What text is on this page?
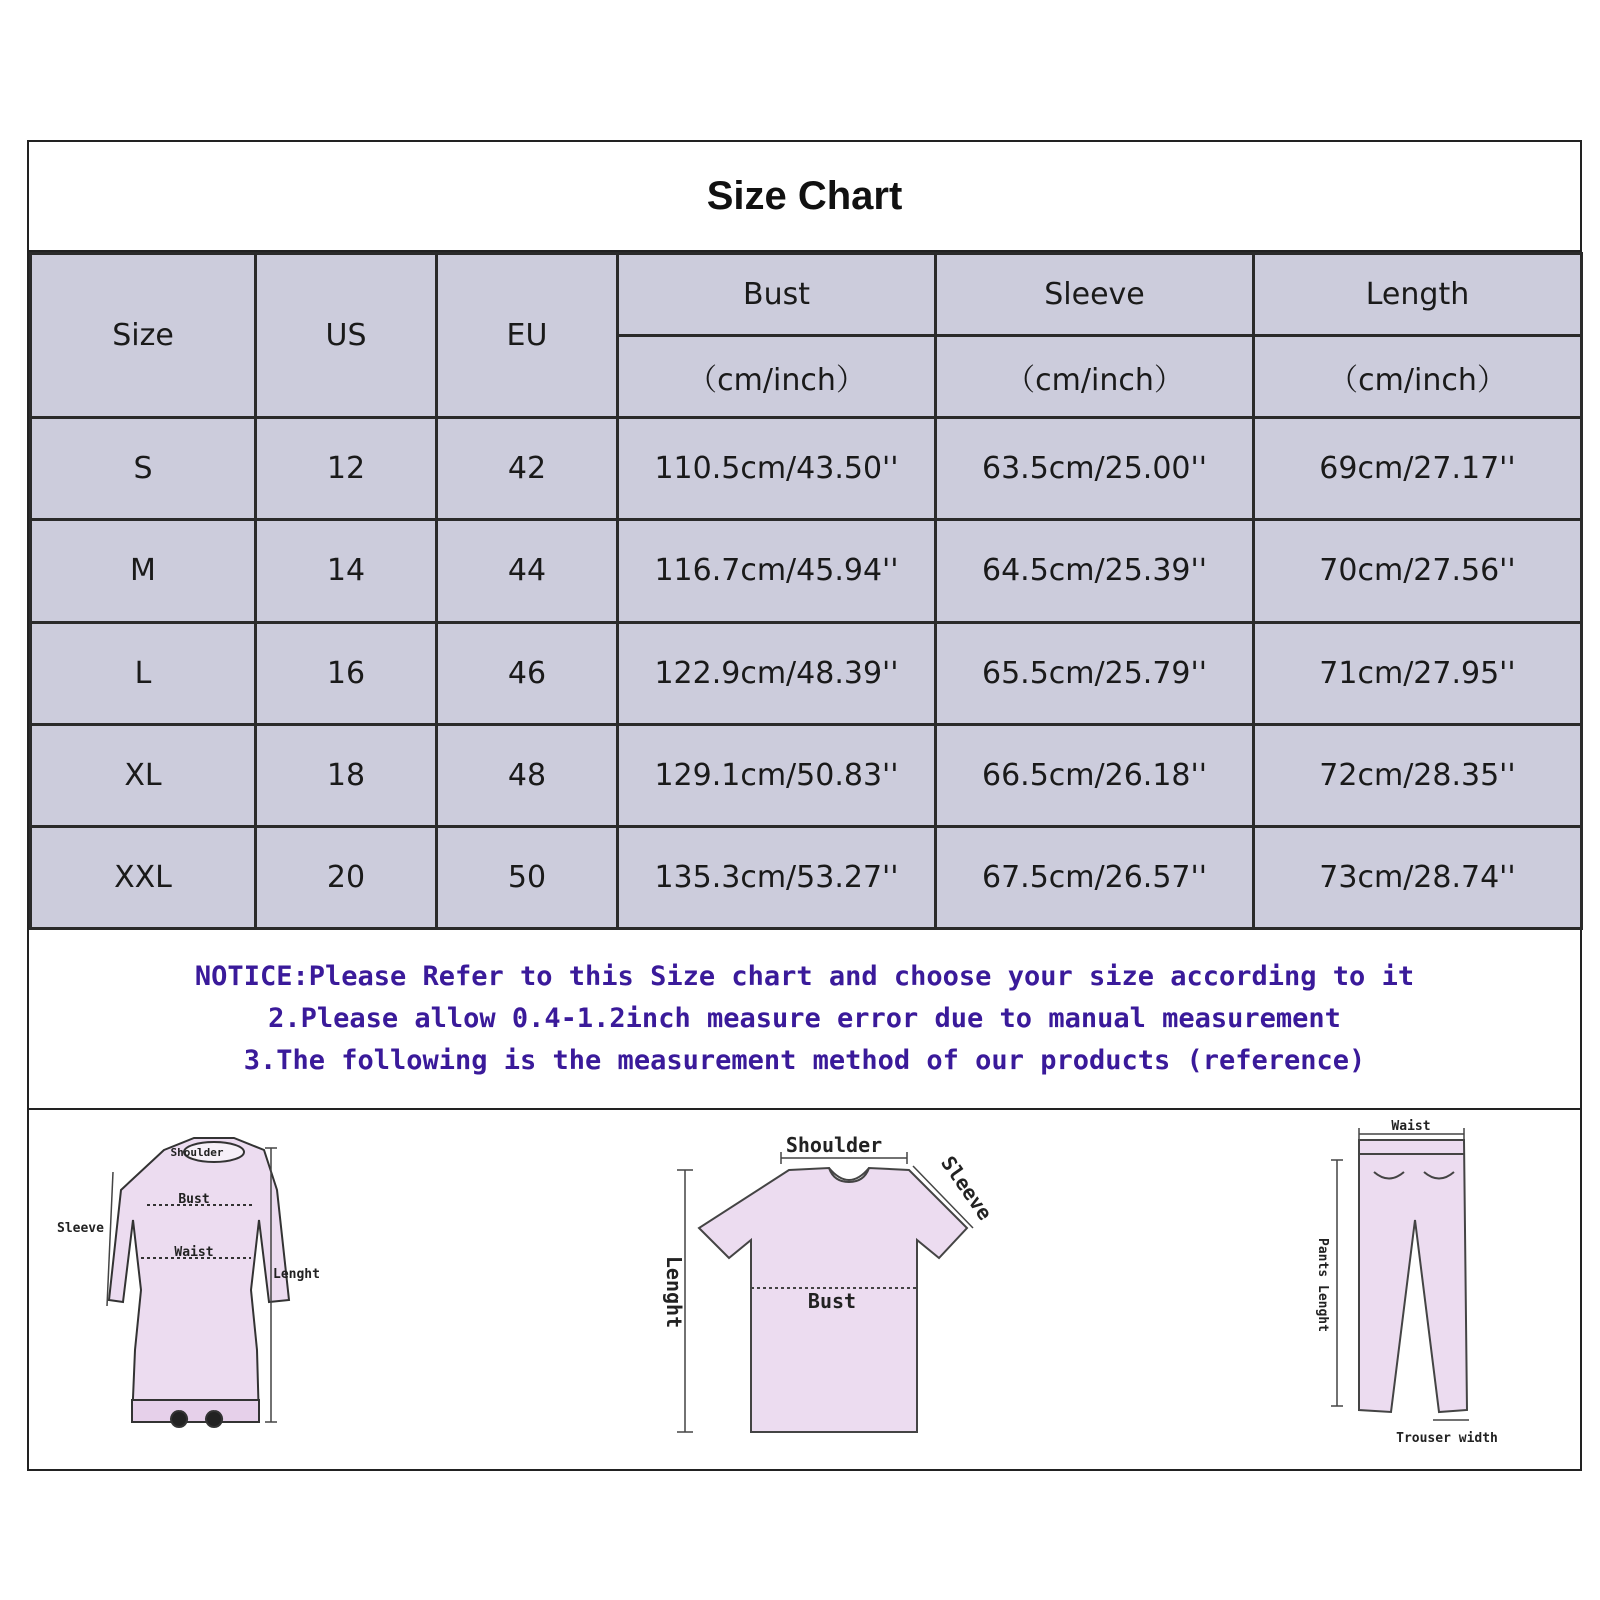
Size Chart
Size	US	EU	Bust	Sleeve	Length
			（cm/inch）	（cm/inch）	（cm/inch）
S	12	42	110.5cm/43.50''	63.5cm/25.00''	69cm/27.17''
M	14	44	116.7cm/45.94''	64.5cm/25.39''	70cm/27.56''
L	16	46	122.9cm/48.39''	65.5cm/25.79''	71cm/27.95''
XL	18	48	129.1cm/50.83''	66.5cm/26.18''	72cm/28.35''
XXL	20	50	135.3cm/53.27''	67.5cm/26.57''	73cm/28.74''
NOTICE:Please Refer to this Size chart and choose your size according to it
2.Please allow 0.4-1.2inch measure error due to manual measurement
3.The following is the measurement method of our products (reference)
Shoulder
Bust
Waist
Sleeve
Lenght
Shoulder
Sleeve
Lenght	Bust
Waist
Pants Lenght
Trouser width
